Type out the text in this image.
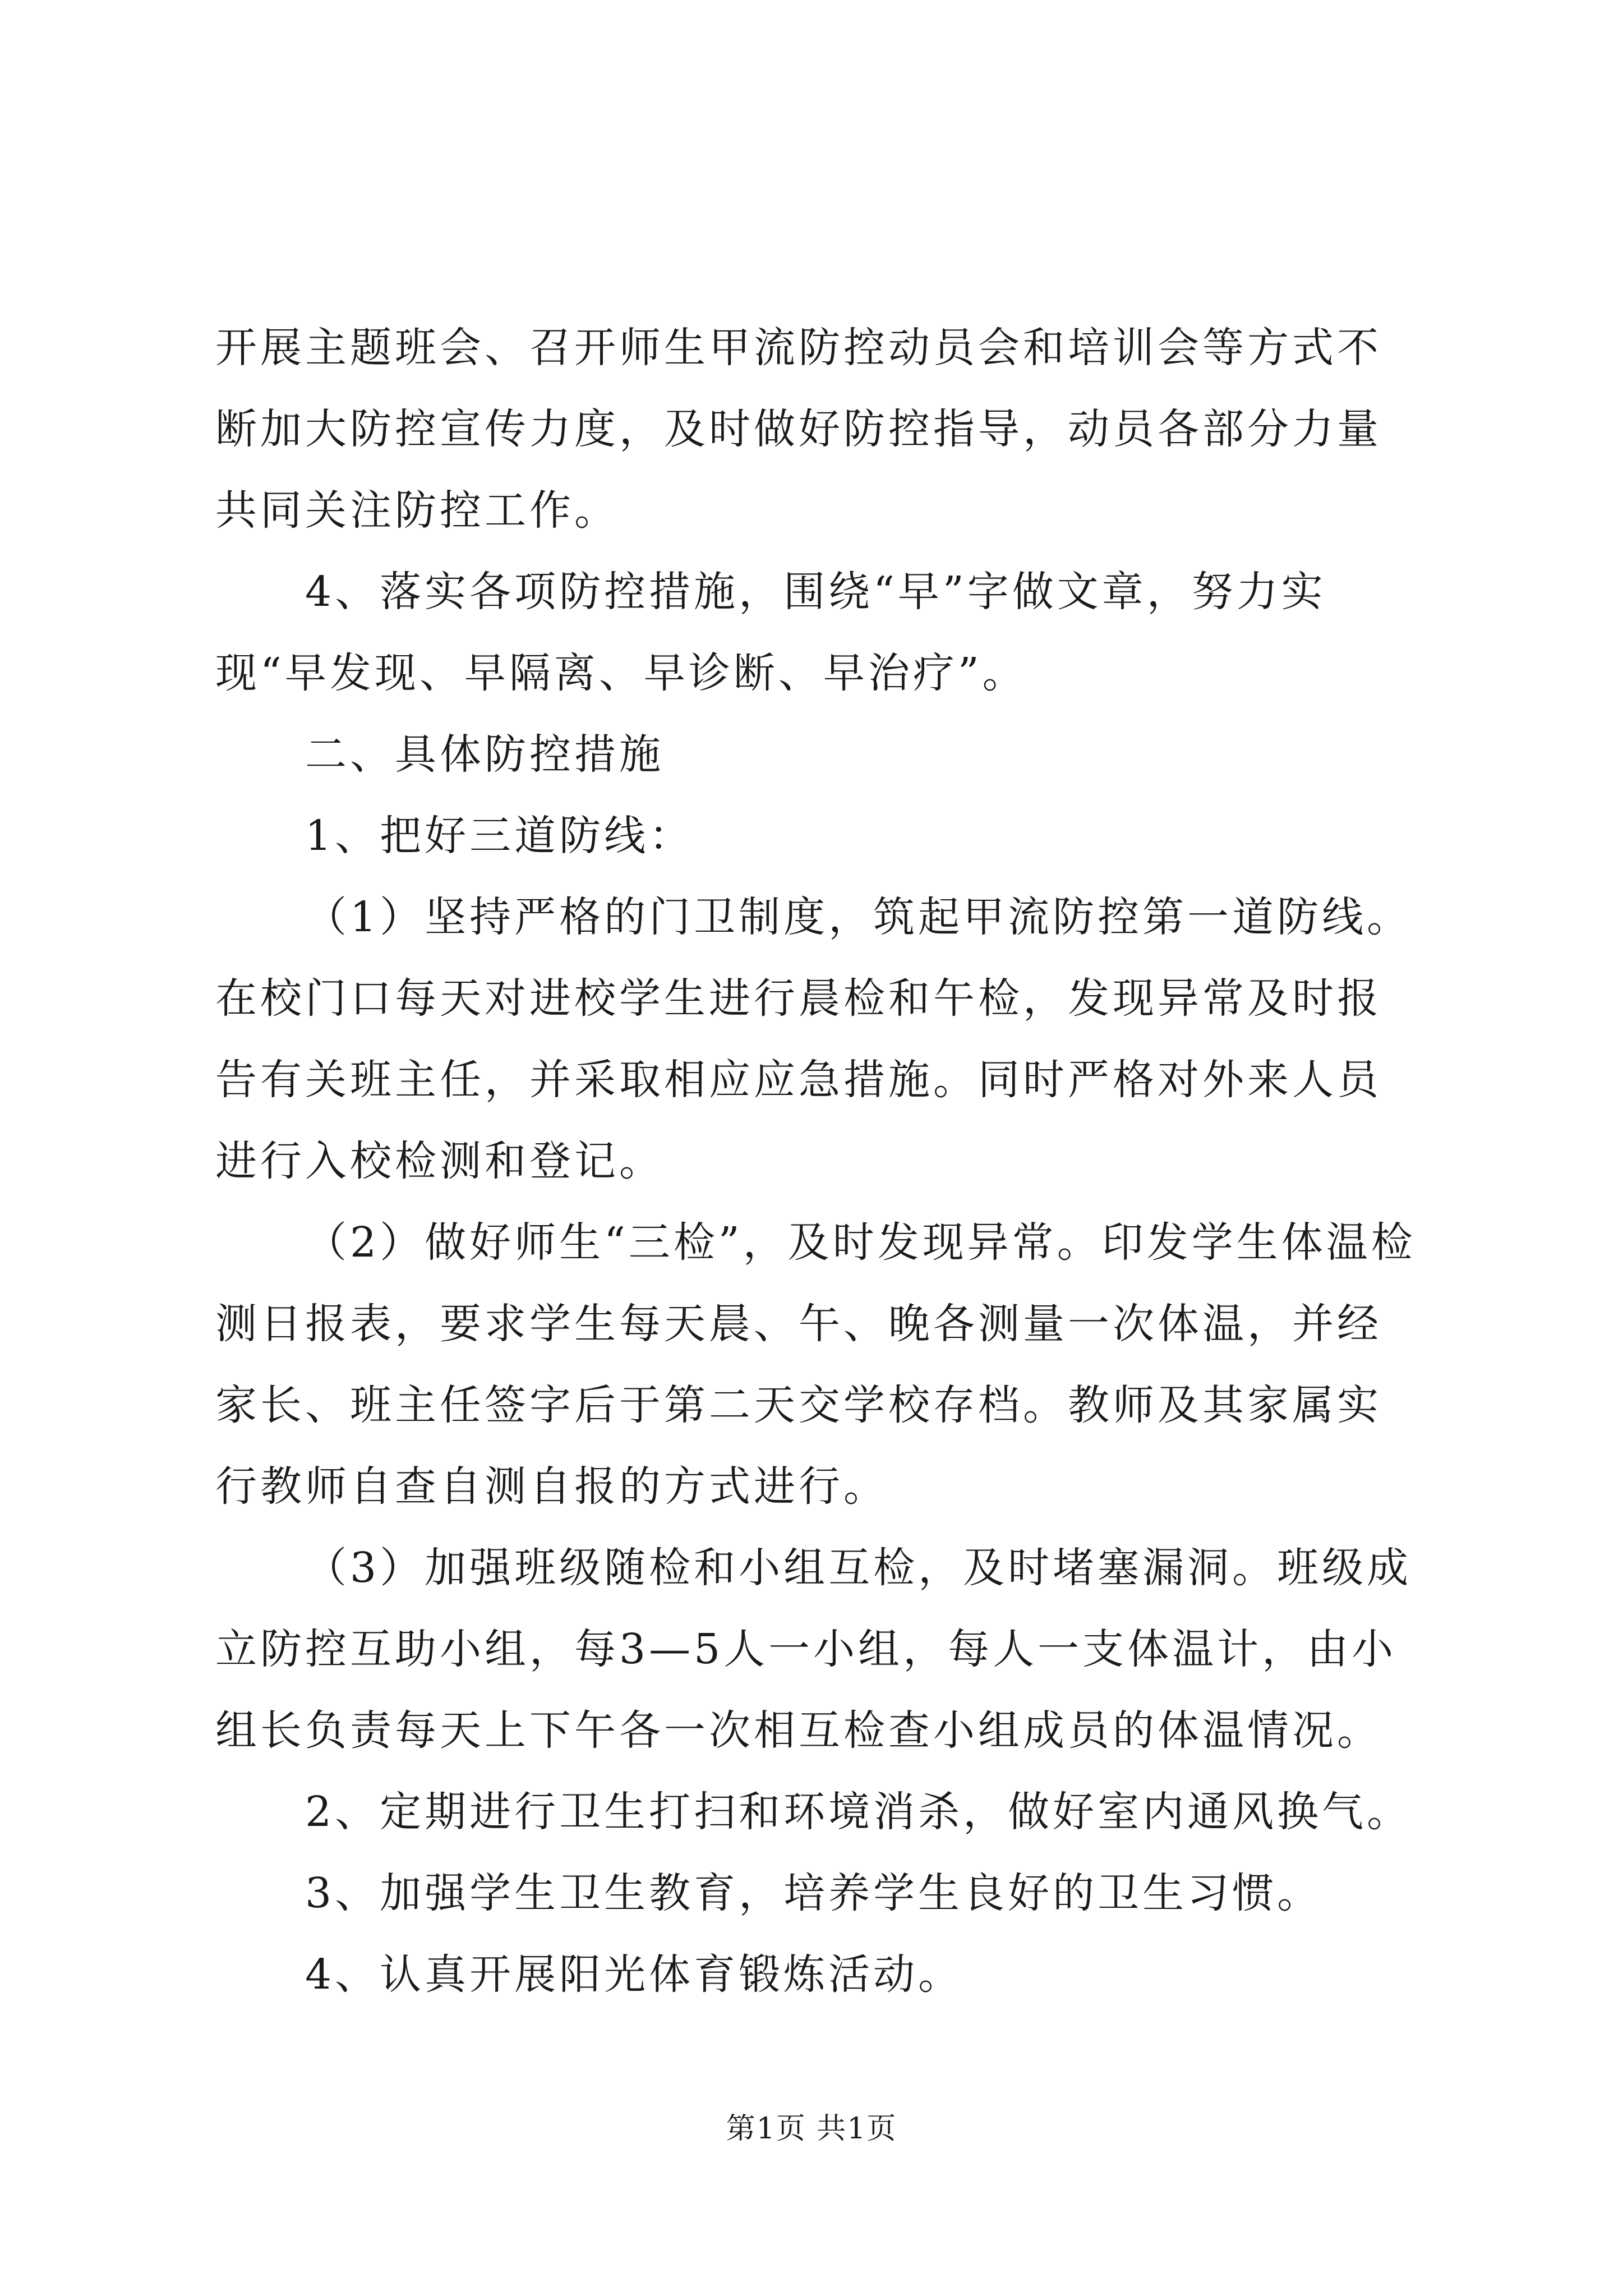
开展主题班会、召开师生甲流防控动员会和培训会等方式不断加大防控宣传力度，及时做好防控指导，动员各部分力量共同关注防控工作。

4、落实各项防控措施，围绕“早”字做文章，努力实现“早发现、早隔离、早诊断、早治疗”。

二、具体防控措施

1、把好三道防线：

（1）坚持严格的门卫制度，筑起甲流防控第一道防线。在校门口每天对进校学生进行晨检和午检，发现异常及时报告有关班主任，并采取相应应急措施。同时严格对外来人员进行入校检测和登记。

（2）做好师生“三检”，及时发现异常。印发学生体温检测日报表，要求学生每天晨、午、晚各测量一次体温，并经家长、班主任签字后于第二天交学校存档。教师及其家属实行教师自查自测自报的方式进行。

（3）加强班级随检和小组互检，及时堵塞漏洞。班级成立防控互助小组，每3—5人一小组，每人一支体温计，由小组长负责每天上下午各一次相互检查小组成员的体温情况。

2、定期进行卫生打扫和环境消杀，做好室内通风换气。

3、加强学生卫生教育，培养学生良好的卫生习惯。

4、认真开展阳光体育锻炼活动。

第1页 共1页
